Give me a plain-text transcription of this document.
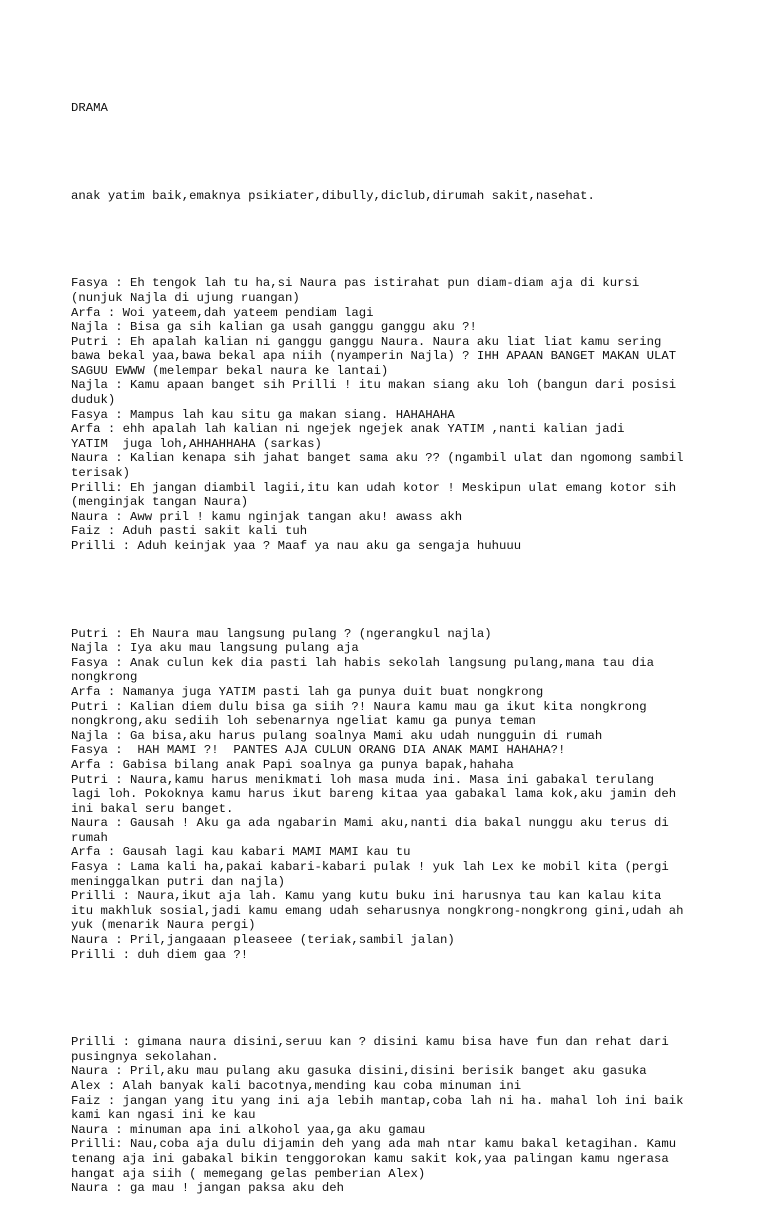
DRAMA

anak yatim baik,emaknya psikiater,dibully,diclub,dirumah sakit,nasehat.

Fasya : Eh tengok lah tu ha,si Naura pas istirahat pun diam-diam aja di kursi
(nunjuk Najla di ujung ruangan)
Arfa : Woi yateem,dah yateem pendiam lagi
Najla : Bisa ga sih kalian ga usah ganggu ganggu aku ?!
Putri : Eh apalah kalian ni ganggu ganggu Naura. Naura aku liat liat kamu sering
bawa bekal yaa,bawa bekal apa niih (nyamperin Najla) ? IHH APAAN BANGET MAKAN ULAT
SAGUU EWWW (melempar bekal naura ke lantai)
Najla : Kamu apaan banget sih Prilli ! itu makan siang aku loh (bangun dari posisi
duduk)
Fasya : Mampus lah kau situ ga makan siang. HAHAHAHA
Arfa : ehh apalah lah kalian ni ngejek ngejek anak YATIM ,nanti kalian jadi
YATIM  juga loh,AHHAHHAHA (sarkas)
Naura : Kalian kenapa sih jahat banget sama aku ?? (ngambil ulat dan ngomong sambil
terisak)
Prilli: Eh jangan diambil lagii,itu kan udah kotor ! Meskipun ulat emang kotor sih
(menginjak tangan Naura)
Naura : Aww pril ! kamu nginjak tangan aku! awass akh
Faiz : Aduh pasti sakit kali tuh
Prilli : Aduh keinjak yaa ? Maaf ya nau aku ga sengaja huhuuu

Putri : Eh Naura mau langsung pulang ? (ngerangkul najla)
Najla : Iya aku mau langsung pulang aja
Fasya : Anak culun kek dia pasti lah habis sekolah langsung pulang,mana tau dia
nongkrong
Arfa : Namanya juga YATIM pasti lah ga punya duit buat nongkrong
Putri : Kalian diem dulu bisa ga siih ?! Naura kamu mau ga ikut kita nongkrong
nongkrong,aku sediih loh sebenarnya ngeliat kamu ga punya teman
Najla : Ga bisa,aku harus pulang soalnya Mami aku udah nungguin di rumah
Fasya :  HAH MAMI ?!  PANTES AJA CULUN ORANG DIA ANAK MAMI HAHAHA?!
Arfa : Gabisa bilang anak Papi soalnya ga punya bapak,hahaha
Putri : Naura,kamu harus menikmati loh masa muda ini. Masa ini gabakal terulang
lagi loh. Pokoknya kamu harus ikut bareng kitaa yaa gabakal lama kok,aku jamin deh
ini bakal seru banget.
Naura : Gausah ! Aku ga ada ngabarin Mami aku,nanti dia bakal nunggu aku terus di
rumah
Arfa : Gausah lagi kau kabari MAMI MAMI kau tu
Fasya : Lama kali ha,pakai kabari-kabari pulak ! yuk lah Lex ke mobil kita (pergi
meninggalkan putri dan najla)
Prilli : Naura,ikut aja lah. Kamu yang kutu buku ini harusnya tau kan kalau kita
itu makhluk sosial,jadi kamu emang udah seharusnya nongkrong-nongkrong gini,udah ah
yuk (menarik Naura pergi)
Naura : Pril,jangaaan pleaseee (teriak,sambil jalan)
Prilli : duh diem gaa ?!

Prilli : gimana naura disini,seruu kan ? disini kamu bisa have fun dan rehat dari
pusingnya sekolahan.
Naura : Pril,aku mau pulang aku gasuka disini,disini berisik banget aku gasuka
Alex : Alah banyak kali bacotnya,mending kau coba minuman ini
Faiz : jangan yang itu yang ini aja lebih mantap,coba lah ni ha. mahal loh ini baik
kami kan ngasi ini ke kau
Naura : minuman apa ini alkohol yaa,ga aku gamau
Prilli: Nau,coba aja dulu dijamin deh yang ada mah ntar kamu bakal ketagihan. Kamu
tenang aja ini gabakal bikin tenggorokan kamu sakit kok,yaa palingan kamu ngerasa
hangat aja siih ( memegang gelas pemberian Alex)
Naura : ga mau ! jangan paksa aku deh
